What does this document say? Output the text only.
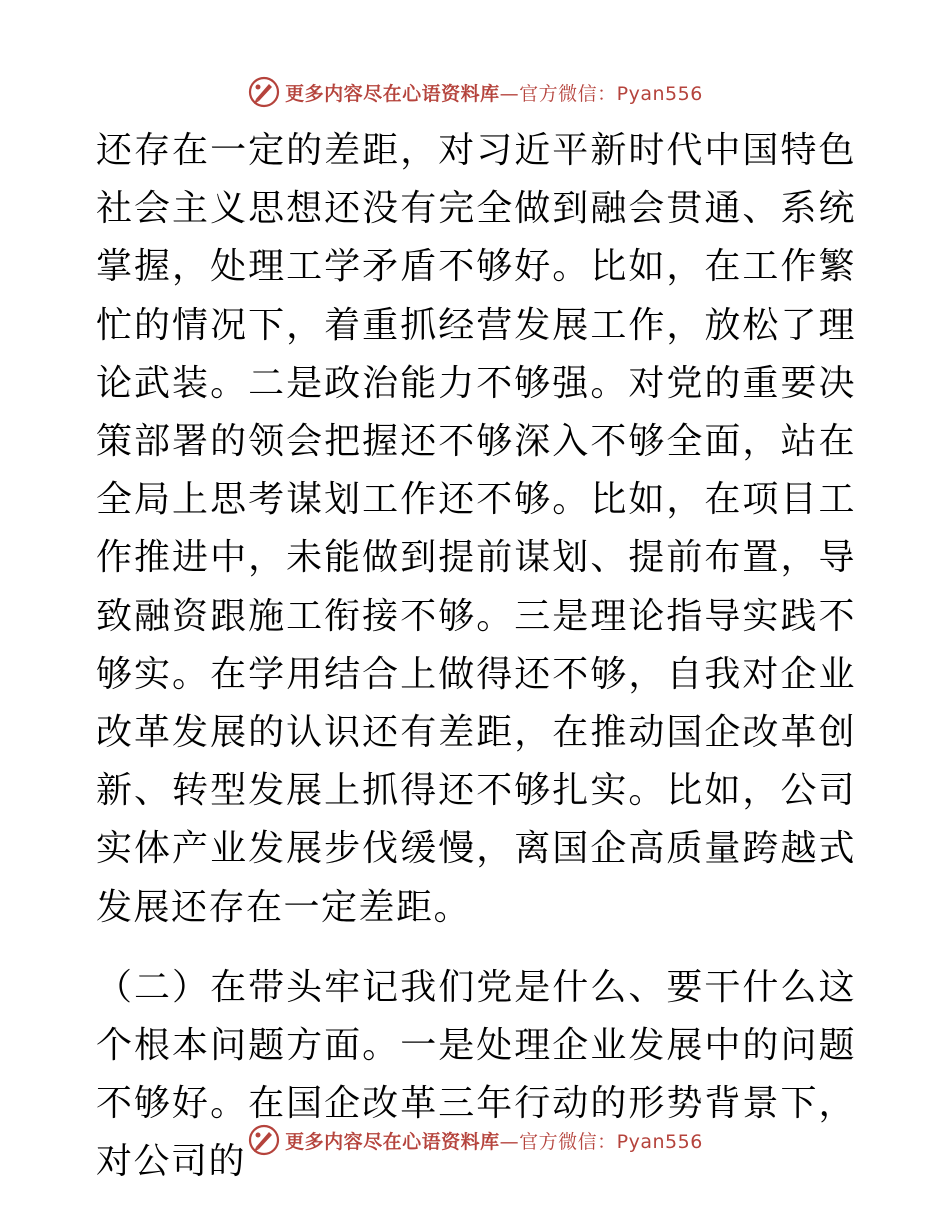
更多内容尽在心语资料库—官方微信：Pyan556

还存在一定的差距，对习近平新时代中国特色社会主义思想还没有完全做到融会贯通、系统掌握，处理工学矛盾不够好。比如，在工作繁忙的情况下，着重抓经营发展工作，放松了理论武装。二是政治能力不够强。对党的重要决策部署的领会把握还不够深入不够全面，站在全局上思考谋划工作还不够。比如，在项目工作推进中，未能做到提前谋划、提前布置，导致融资跟施工衔接不够。三是理论指导实践不够实。在学用结合上做得还不够，自我对企业改革发展的认识还有差距，在推动国企改革创新、转型发展上抓得还不够扎实。比如，公司实体产业发展步伐缓慢，离国企高质量跨越式发展还存在一定差距。

（二）在带头牢记我们党是什么、要干什么这个根本问题方面。一是处理企业发展中的问题不够好。在国企改革三年行动的形势背景下，对公司的	更多内容尽在心语资料库—官方微信：Pyan556
